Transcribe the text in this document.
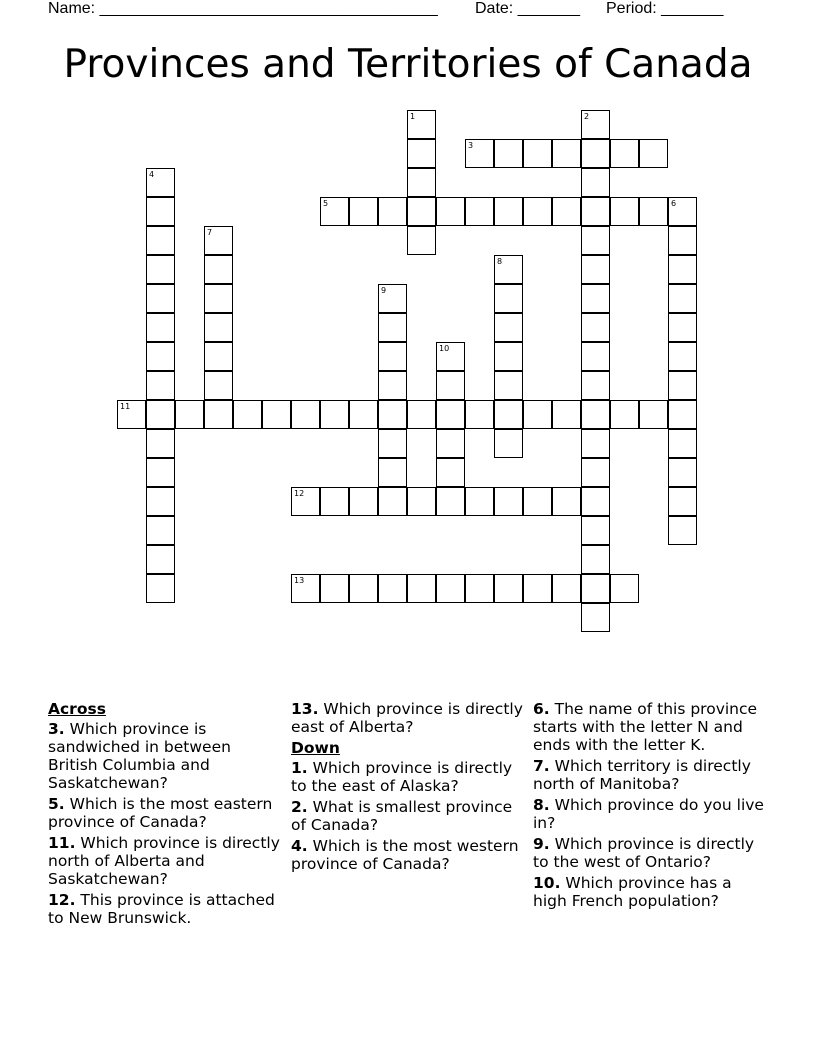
Name: ______________________________________ Date: _______ Period: _______
Provinces and Territories of Canada
1	2
3
4
5	6
7
8
9
10
11
12
13
Across
3. Which province is sandwiched in between British Columbia and Saskatchewan?
5. Which is the most eastern province of Canada?
11. Which province is directly north of Alberta and Saskatchewan?
12. This province is attached to New Brunswick.
13. Which province is directly east of Alberta?
Down
1. Which province is directly to the east of Alaska?
2. What is smallest province of Canada?
4. Which is the most western province of Canada?
6. The name of this province starts with the letter N and ends with the letter K.
7. Which territory is directly north of Manitoba?
8. Which province do you live in?
9. Which province is directly to the west of Ontario?
10. Which province has a high French population?
